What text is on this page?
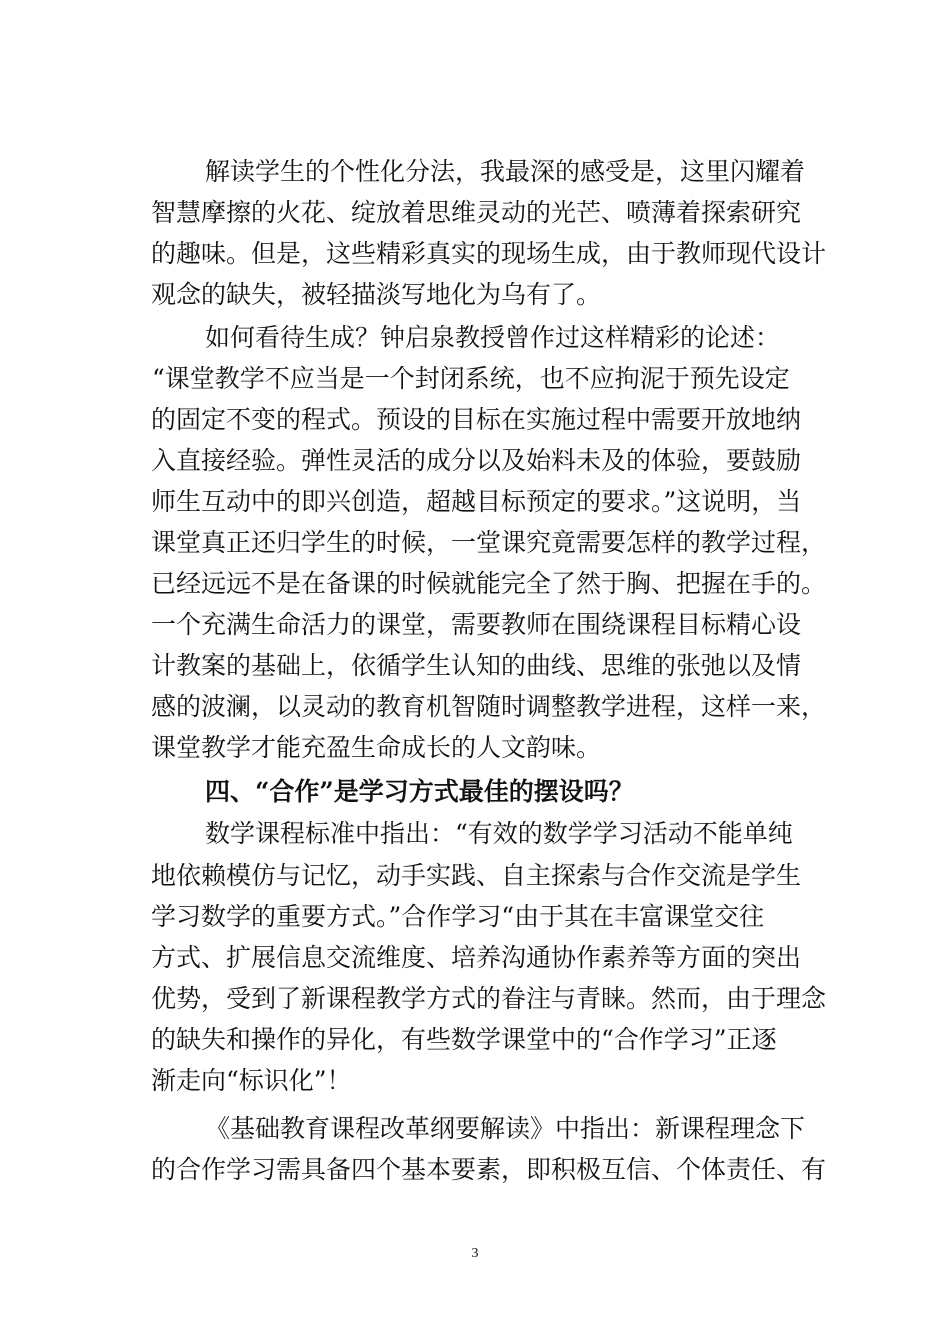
解读学生的个性化分法，我最深的感受是，这里闪耀着
智慧摩擦的火花、绽放着思维灵动的光芒、喷薄着探索研究
的趣味。但是，这些精彩真实的现场生成，由于教师现代设计
观念的缺失，被轻描淡写地化为乌有了。
如何看待生成？钟启泉教授曾作过这样精彩的论述：
“课堂教学不应当是一个封闭系统，也不应拘泥于预先设定
的固定不变的程式。预设的目标在实施过程中需要开放地纳
入直接经验。弹性灵活的成分以及始料未及的体验，要鼓励
师生互动中的即兴创造，超越目标预定的要求。”这说明，当
课堂真正还归学生的时候，一堂课究竟需要怎样的教学过程，
已经远远不是在备课的时候就能完全了然于胸、把握在手的。
一个充满生命活力的课堂，需要教师在围绕课程目标精心设
计教案的基础上，依循学生认知的曲线、思维的张弛以及情
感的波澜，以灵动的教育机智随时调整教学进程，这样一来，
课堂教学才能充盈生命成长的人文韵味。
四、“合作”是学习方式最佳的摆设吗？
数学课程标准中指出：“有效的数学学习活动不能单纯
地依赖模仿与记忆，动手实践、自主探索与合作交流是学生
学习数学的重要方式。”合作学习“由于其在丰富课堂交往
方式、扩展信息交流维度、培养沟通协作素养等方面的突出
优势，受到了新课程教学方式的眷注与青睐。然而，由于理念
的缺失和操作的异化，有些数学课堂中的“合作学习”正逐
渐走向“标识化”！
《基础教育课程改革纲要解读》中指出：新课程理念下
的合作学习需具备四个基本要素，即积极互信、个体责任、有
3
